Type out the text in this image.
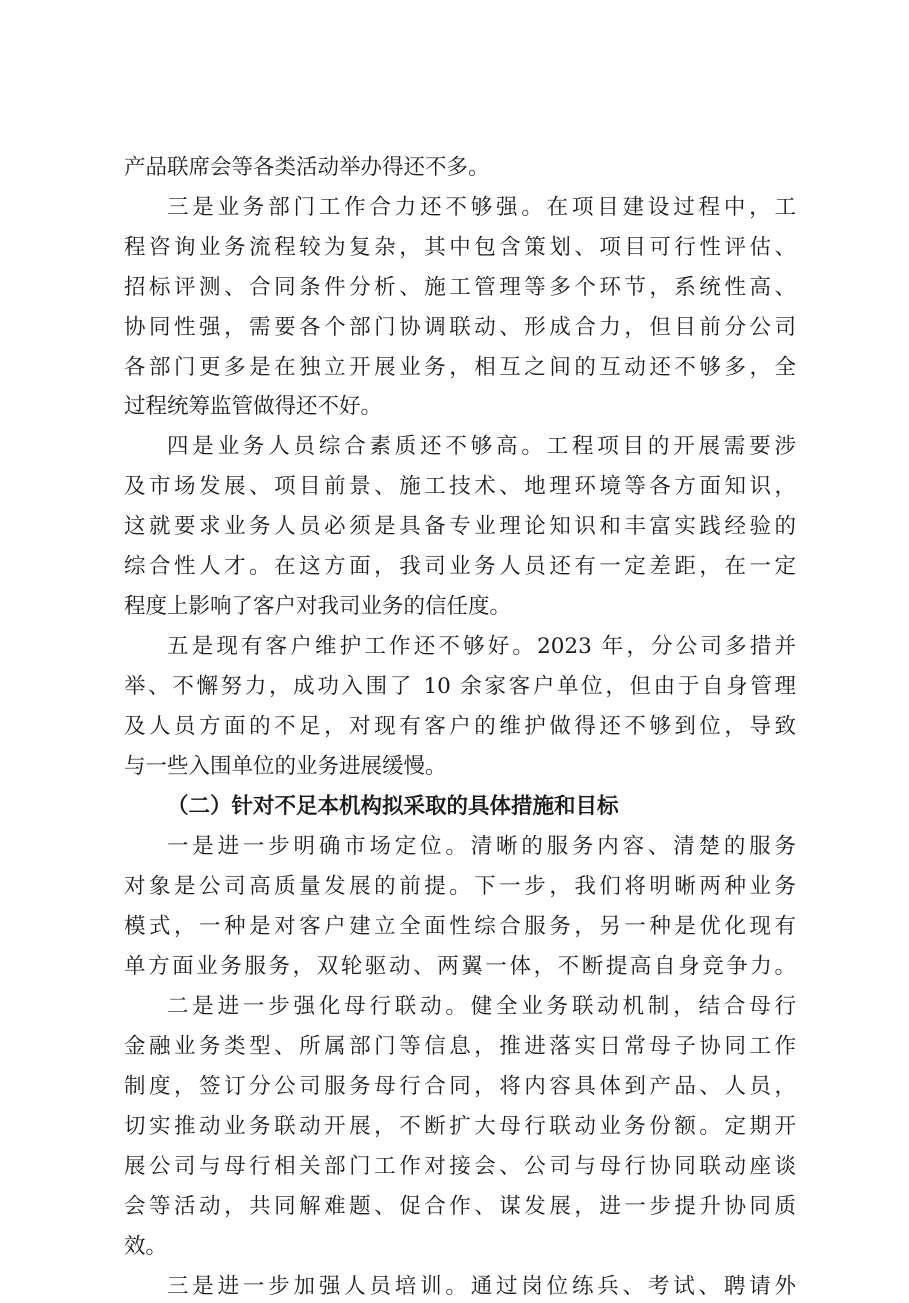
产品联席会等各类活动举办得还不多。

三是业务部门工作合力还不够强。在项目建设过程中，工

程咨询业务流程较为复杂，其中包含策划、项目可行性评估、

招标评测、合同条件分析、施工管理等多个环节，系统性高、

协同性强，需要各个部门协调联动、形成合力，但目前分公司

各部门更多是在独立开展业务，相互之间的互动还不够多，全

过程统筹监管做得还不好。

四是业务人员综合素质还不够高。工程项目的开展需要涉

及市场发展、项目前景、施工技术、地理环境等各方面知识，

这就要求业务人员必须是具备专业理论知识和丰富实践经验的

综合性人才。在这方面，我司业务人员还有一定差距，在一定

程度上影响了客户对我司业务的信任度。

五是现有客户维护工作还不够好。2023 年，分公司多措并

举、不懈努力，成功入围了 10 余家客户单位，但由于自身管理

及人员方面的不足，对现有客户的维护做得还不够到位，导致

与一些入围单位的业务进展缓慢。

（二）针对不足本机构拟采取的具体措施和目标

一是进一步明确市场定位。清晰的服务内容、清楚的服务

对象是公司高质量发展的前提。下一步，我们将明晰两种业务

模式，一种是对客户建立全面性综合服务，另一种是优化现有

单方面业务服务，双轮驱动、两翼一体，不断提高自身竞争力。

二是进一步强化母行联动。健全业务联动机制，结合母行

金融业务类型、所属部门等信息，推进落实日常母子协同工作

制度，签订分公司服务母行合同，将内容具体到产品、人员，

切实推动业务联动开展，不断扩大母行联动业务份额。定期开

展公司与母行相关部门工作对接会、公司与母行协同联动座谈

会等活动，共同解难题、促合作、谋发展，进一步提升协同质

效。

三是进一步加强人员培训。通过岗位练兵、考试、聘请外
